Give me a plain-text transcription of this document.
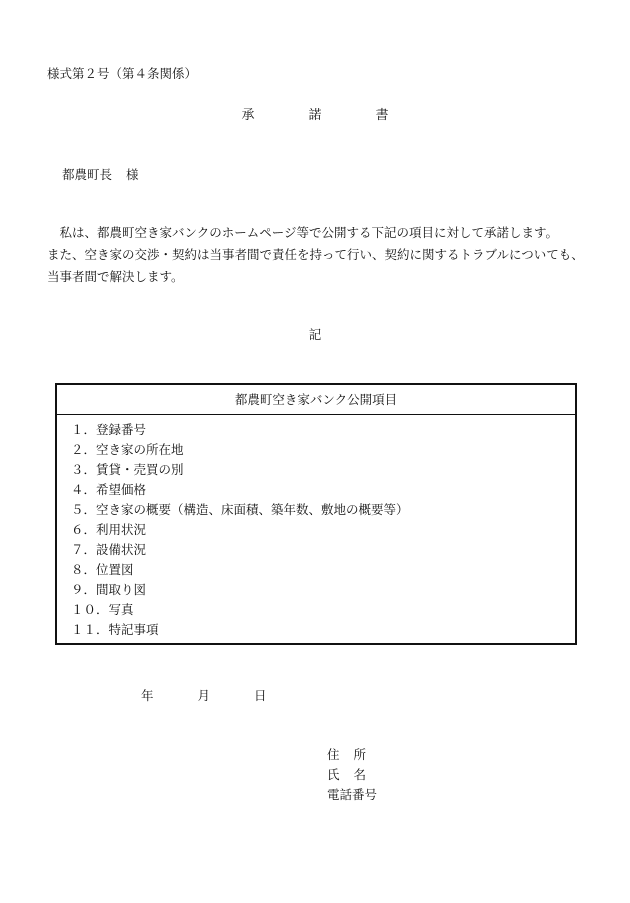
様式第２号（第４条関係）
承	諾	書
都農町長 様

私は、都農町空き家バンクのホームページ等で公開する下記の項目に対して承諾します。

また、空き家の交渉・契約は当事者間で責任を持って行い、契約に関するトラブルについても、当事者間で解決します。

記
都農町空き家バンク公開項目
１．登録番号
２．空き家の所在地
３．賃貸・売買の別
４．希望価格
５．空き家の概要（構造、床面積、築年数、敷地の概要等）
６．利用状況
７．設備状況
８．位置図
９．間取り図
１０．写真
１１．特記事項
年	月	日
住 所
氏 名
電話番号
